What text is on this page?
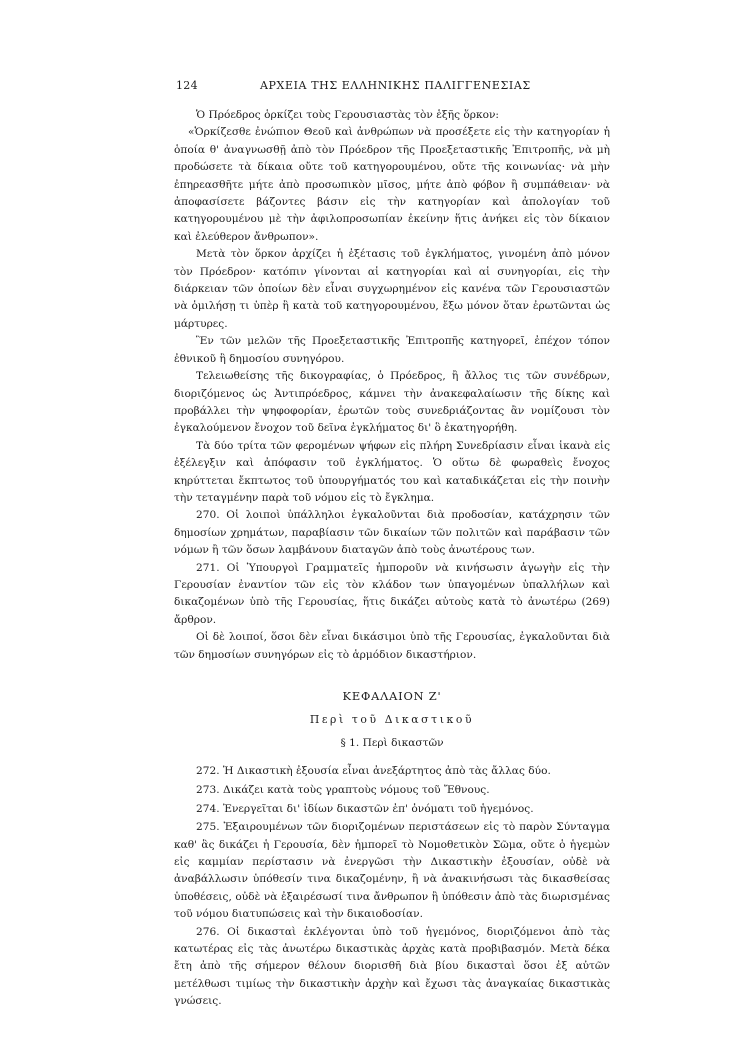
124	ΑΡΧΕΙΑ ΤΗΣ ΕΛΛΗΝΙΚΗΣ ΠΑΛΙΓΓΕΝΕΣΙΑΣ

Ὁ Πρόεδρος ὁρκίζει τοὺς Γερουσιαστὰς τὸν ἑξῆς ὅρκον:

«Ὁρκίζεσθε ἐνώπιον Θεοῦ καὶ ἀνθρώπων νὰ προσέξετε εἰς τὴν κατηγορίαν ἡ ὁποία θ' ἀναγνωσθῇ ἀπὸ τὸν Πρόεδρον τῆς Προεξεταστικῆς Ἐπιτροπῆς, νὰ μὴ προδώσετε τὰ δίκαια οὔτε τοῦ κατηγορουμένου, οὔτε τῆς κοινωνίας· νὰ μὴν ἐπηρεασθῆτε μήτε ἀπὸ προσωπικὸν μῖσος, μήτε ἀπὸ φόβον ἢ συμπάθειαν· νὰ ἀποφασίσετε βάζοντες βάσιν εἰς τὴν κατηγορίαν καὶ ἀπολογίαν τοῦ κατηγορουμένου μὲ τὴν ἀφιλοπροσωπίαν ἐκείνην ἥτις ἀνήκει εἰς τὸν δίκαιον καὶ ἐλεύθερον ἄνθρωπον».

Μετὰ τὸν ὅρκον ἀρχίζει ἡ ἐξέτασις τοῦ ἐγκλήματος, γινομένη ἀπὸ μόνον τὸν Πρόεδρον· κατόπιν γίνονται αἱ κατηγορίαι καὶ αἱ συνηγορίαι, εἰς τὴν διάρκειαν τῶν ὁποίων δὲν εἶναι συγχωρημένον εἰς κανένα τῶν Γερουσιαστῶν νὰ ὁμιλήσῃ τι ὑπὲρ ἢ κατὰ τοῦ κατηγορουμένου, ἔξω μόνον ὅταν ἐρωτῶνται ὡς μάρτυρες.

Ἓν τῶν μελῶν τῆς Προεξεταστικῆς Ἐπιτροπῆς κατηγορεῖ, ἐπέχον τόπον ἐθνικοῦ ἢ δημοσίου συνηγόρου.

Τελειωθείσης τῆς δικογραφίας, ὁ Πρόεδρος, ἢ ἄλλος τις τῶν συνέδρων, διοριζόμενος ὡς Ἀντιπρόεδρος, κάμνει τὴν ἀνακεφαλαίωσιν τῆς δίκης καὶ προβάλλει τὴν ψηφοφορίαν, ἐρωτῶν τοὺς συνεδριάζοντας ἂν νομίζουσι τὸν ἐγκαλούμενον ἔνοχον τοῦ δεῖνα ἐγκλήματος δι' ὃ ἐκατηγορήθη.

Τὰ δύο τρίτα τῶν φερομένων ψήφων εἰς πλήρη Συνεδρίασιν εἶναι ἱκανὰ εἰς ἐξέλεγξιν καὶ ἀπόφασιν τοῦ ἐγκλήματος. Ὁ οὕτω δὲ φωραθεὶς ἔνοχος κηρύττεται ἔκπτωτος τοῦ ὑπουργήματός του καὶ καταδικάζεται εἰς τὴν ποινὴν τὴν τεταγμένην παρὰ τοῦ νόμου εἰς τὸ ἔγκλημα.

270. Οἱ λοιποὶ ὑπάλληλοι ἐγκαλοῦνται διὰ προδοσίαν, κατάχρησιν τῶν δημοσίων χρημάτων, παραβίασιν τῶν δικαίων τῶν πολιτῶν καὶ παράβασιν τῶν νόμων ἢ τῶν ὅσων λαμβάνουν διαταγῶν ἀπὸ τοὺς ἀνωτέρους των.

271. Οἱ Ὑπουργοὶ Γραμματεῖς ἠμποροῦν νὰ κινήσωσιν ἀγωγὴν εἰς τὴν Γερουσίαν ἐναντίον τῶν εἰς τὸν κλάδον των ὑπαγομένων ὑπαλλήλων καὶ δικαζομένων ὑπὸ τῆς Γερουσίας, ἥτις δικάζει αὐτοὺς κατὰ τὸ ἀνωτέρω (269) ἄρθρον.

Οἱ δὲ λοιποί, ὅσοι δὲν εἶναι δικάσιμοι ὑπὸ τῆς Γερουσίας, ἐγκαλοῦνται διὰ τῶν δημοσίων συνηγόρων εἰς τὸ ἁρμόδιον δικαστήριον.

ΚΕΦΑΛΑΙΟΝ Ζ'
Περὶ τοῦ Δικαστικοῦ
§ 1. Περὶ δικαστῶν

272. Ἡ Δικαστικὴ ἐξουσία εἶναι ἀνεξάρτητος ἀπὸ τὰς ἄλλας δύο.

273. Δικάζει κατὰ τοὺς γραπτοὺς νόμους τοῦ Ἔθνους.

274. Ἐνεργεῖται δι' ἰδίων δικαστῶν ἐπ' ὀνόματι τοῦ ἡγεμόνος.

275. Ἐξαιρουμένων τῶν διοριζομένων περιστάσεων εἰς τὸ παρὸν Σύνταγμα καθ' ἃς δικάζει ἡ Γερουσία, δὲν ἠμπορεῖ τὸ Νομοθετικὸν Σῶμα, οὔτε ὁ ἡγεμὼν εἰς καμμίαν περίστασιν νὰ ἐνεργῶσι τὴν Δικαστικὴν ἐξουσίαν, οὐδὲ νὰ ἀναβάλλωσιν ὑπόθεσίν τινα δικαζομένην, ἢ νὰ ἀνακινήσωσι τὰς δικασθείσας ὑποθέσεις, οὐδὲ νὰ ἐξαιρέσωσί τινα ἄνθρωπον ἢ ὑπόθεσιν ἀπὸ τὰς διωρισμένας τοῦ νόμου διατυπώσεις καὶ τὴν δικαιοδοσίαν.

276. Οἱ δικασταὶ ἐκλέγονται ὑπὸ τοῦ ἡγεμόνος, διοριζόμενοι ἀπὸ τὰς κατωτέρας εἰς τὰς ἀνωτέρω δικαστικὰς ἀρχὰς κατὰ προβιβασμόν. Μετὰ δέκα ἔτη ἀπὸ τῆς σήμερον θέλουν διορισθῆ διὰ βίου δικασταὶ ὅσοι ἐξ αὐτῶν μετέλθωσι τιμίως τὴν δικαστικὴν ἀρχὴν καὶ ἔχωσι τὰς ἀναγκαίας δικαστικὰς γνώσεις.
